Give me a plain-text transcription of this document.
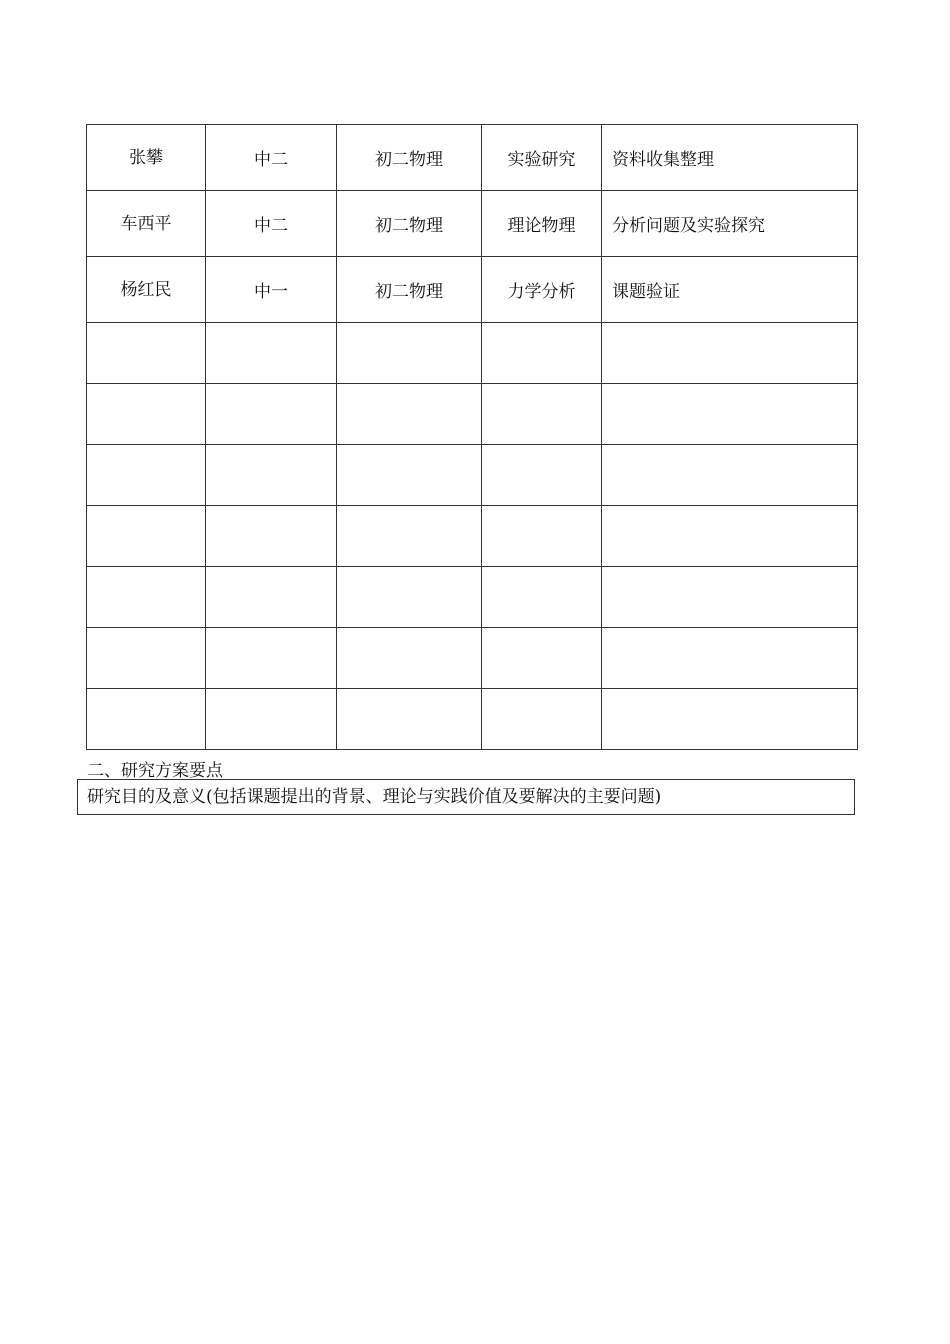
张攀	中二	初二物理	实验研究	资料收集整理
车西平	中二	初二物理	理论物理	分析问题及实验探究
杨红民	中一	初二物理	力学分析	课题验证

二、研究方案要点
研究目的及意义(包括课题提出的背景、理论与实践价值及要解决的主要问题)
